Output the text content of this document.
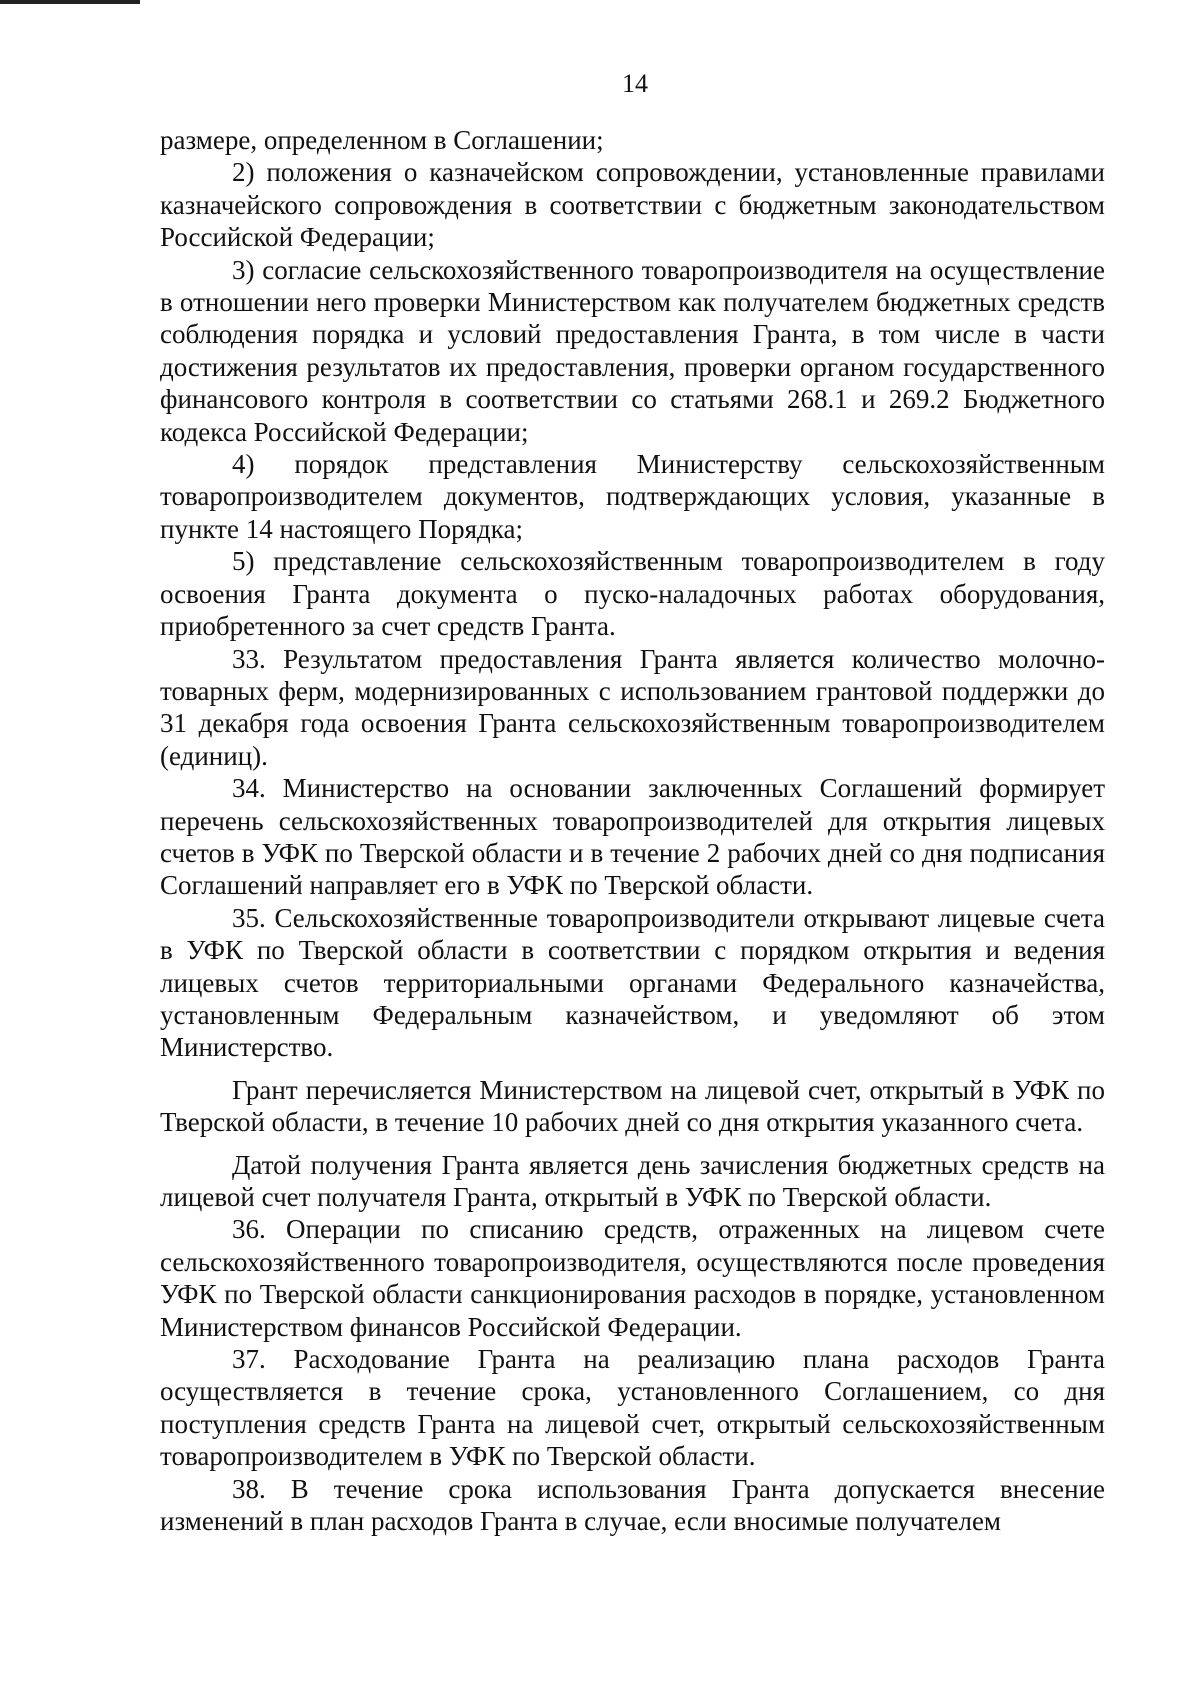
14

размере, определенном в Соглашении;

2) положения о казначейском сопровождении, установленные правилами казначейского сопровождения в соответствии с бюджетным законодательством Российской Федерации;

3) согласие сельскохозяйственного товаропроизводителя на осуществление в отношении него проверки Министерством как получателем бюджетных средств соблюдения порядка и условий предоставления Гранта, в том числе в части достижения результатов их предоставления, проверки органом государственного финансового контроля в соответствии со статьями 268.1 и 269.2 Бюджетного кодекса Российской Федерации;

4) порядок представления Министерству сельскохозяйственным товаропроизводителем документов, подтверждающих условия, указанные в пункте 14 настоящего Порядка;

5) представление сельскохозяйственным товаропроизводителем в году освоения Гранта документа о пуско-наладочных работах оборудования, приобретенного за счет средств Гранта.

33. Результатом предоставления Гранта является количество молочно-товарных ферм, модернизированных с использованием грантовой поддержки до 31 декабря года освоения Гранта сельскохозяйственным товаропроизводителем (единиц).

34. Министерство на основании заключенных Соглашений формирует перечень сельскохозяйственных товаропроизводителей для открытия лицевых счетов в УФК по Тверской области и в течение 2 рабочих дней со дня подписания Соглашений направляет его в УФК по Тверской области.

35. Сельскохозяйственные товаропроизводители открывают лицевые счета в УФК по Тверской области в соответствии с порядком открытия и ведения лицевых счетов территориальными органами Федерального казначейства, установленным Федеральным казначейством, и уведомляют об этом Министерство.

Грант перечисляется Министерством на лицевой счет, открытый в УФК по Тверской области, в течение 10 рабочих дней со дня открытия указанного счета.

Датой получения Гранта является день зачисления бюджетных средств на лицевой счет получателя Гранта, открытый в УФК по Тверской области.

36. Операции по списанию средств, отраженных на лицевом счете сельскохозяйственного товаропроизводителя, осуществляются после проведения УФК по Тверской области санкционирования расходов в порядке, установленном Министерством финансов Российской Федерации.

37. Расходование Гранта на реализацию плана расходов Гранта осуществляется в течение срока, установленного Соглашением, со дня поступления средств Гранта на лицевой счет, открытый сельскохозяйственным товаропроизводителем в УФК по Тверской области.

38. В течение срока использования Гранта допускается внесение изменений в план расходов Гранта в случае, если вносимые получателем
